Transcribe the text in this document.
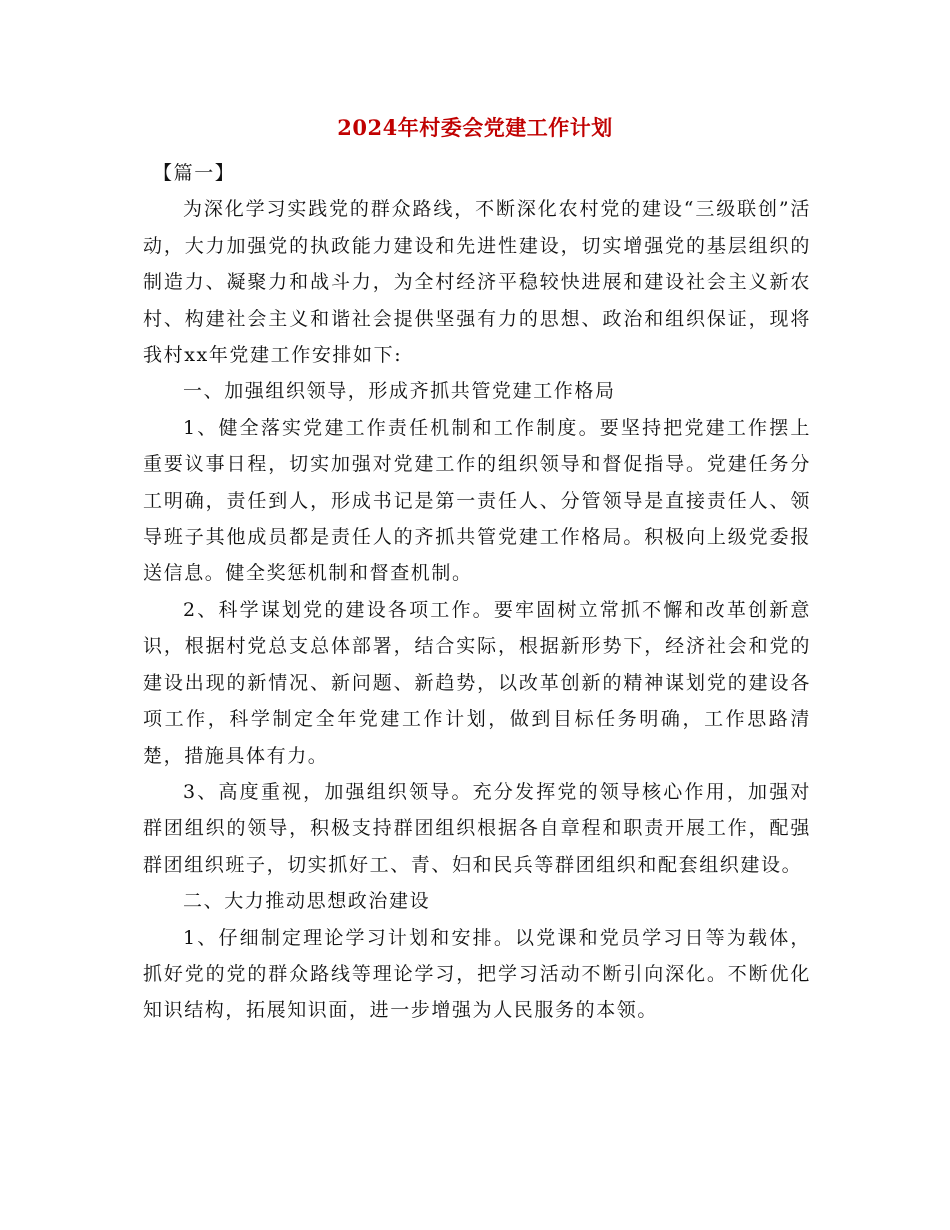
2024年村委会党建工作计划

【篇一】

为深化学习实践党的群众路线，不断深化农村党的建设“三级联创”活动，大力加强党的执政能力建设和先进性建设，切实增强党的基层组织的制造力、凝聚力和战斗力，为全村经济平稳较快进展和建设社会主义新农村、构建社会主义和谐社会提供坚强有力的思想、政治和组织保证，现将我村xx年党建工作安排如下:

一、加强组织领导，形成齐抓共管党建工作格局

1、健全落实党建工作责任机制和工作制度。要坚持把党建工作摆上重要议事日程，切实加强对党建工作的组织领导和督促指导。党建任务分工明确，责任到人，形成书记是第一责任人、分管领导是直接责任人、领导班子其他成员都是责任人的齐抓共管党建工作格局。积极向上级党委报送信息。健全奖惩机制和督查机制。

2、科学谋划党的建设各项工作。要牢固树立常抓不懈和改革创新意识，根据村党总支总体部署，结合实际，根据新形势下，经济社会和党的建设出现的新情况、新问题、新趋势，以改革创新的精神谋划党的建设各项工作，科学制定全年党建工作计划，做到目标任务明确，工作思路清楚，措施具体有力。

3、高度重视，加强组织领导。充分发挥党的领导核心作用，加强对群团组织的领导，积极支持群团组织根据各自章程和职责开展工作，配强群团组织班子，切实抓好工、青、妇和民兵等群团组织和配套组织建设。

二、大力推动思想政治建设

1、仔细制定理论学习计划和安排。以党课和党员学习日等为载体，抓好党的党的群众路线等理论学习，把学习活动不断引向深化。不断优化知识结构，拓展知识面，进一步增强为人民服务的本领。
